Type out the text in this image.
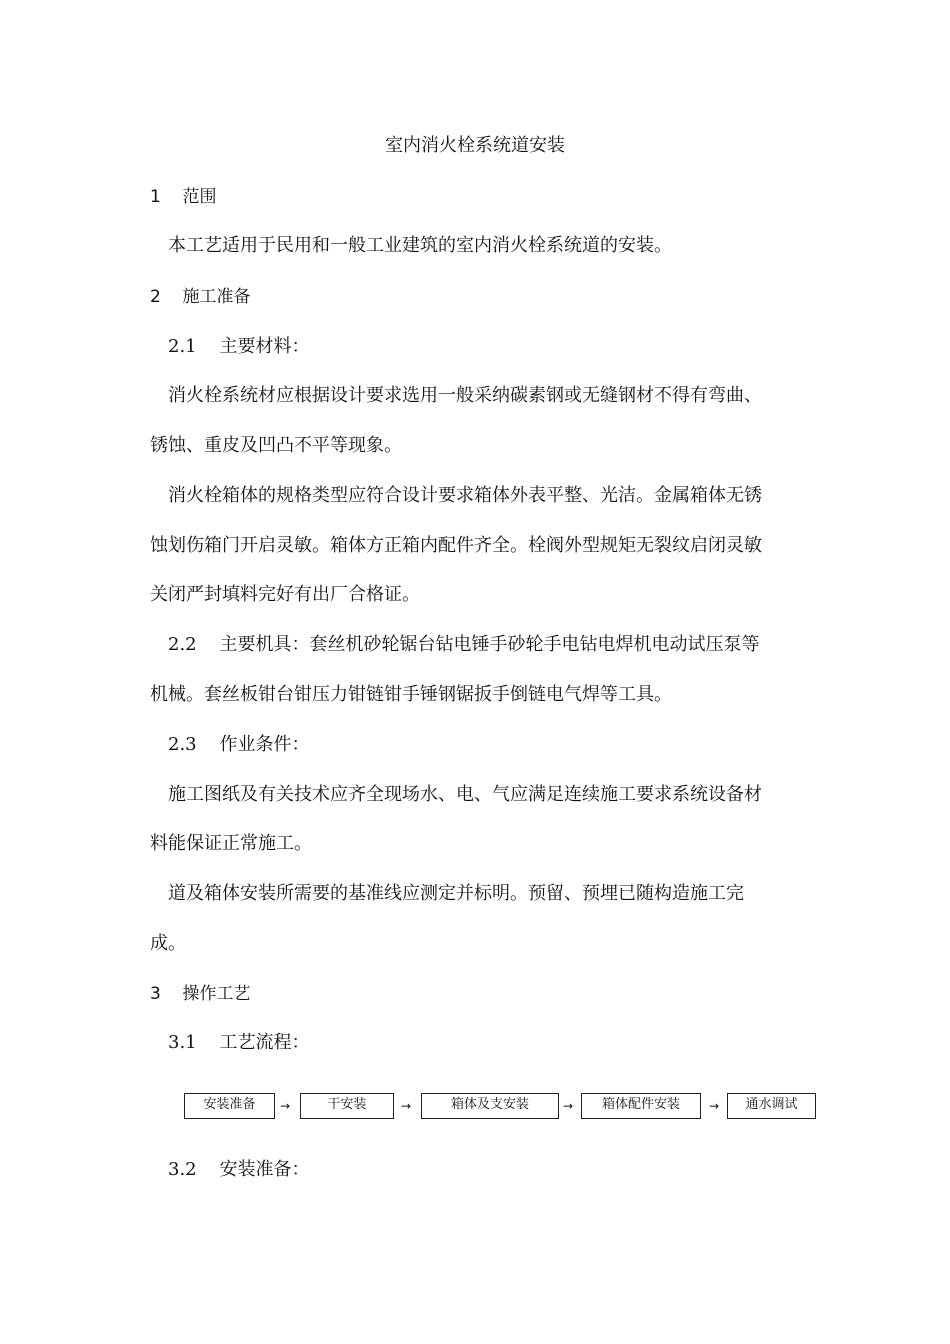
室内消火栓系统道安装
1 范围
本工艺适用于民用和一般工业建筑的室内消火栓系统道的安装。
2 施工准备
2.1 主要材料：
消火栓系统材应根据设计要求选用一般采纳碳素钢或无缝钢材不得有弯曲、
锈蚀、重皮及凹凸不平等现象。
消火栓箱体的规格类型应符合设计要求箱体外表平整、光洁。金属箱体无锈
蚀划伤箱门开启灵敏。箱体方正箱内配件齐全。栓阀外型规矩无裂纹启闭灵敏
关闭严封填料完好有出厂合格证。
2.2 主要机具：套丝机砂轮锯台钻电锤手砂轮手电钻电焊机电动试压泵等
机械。套丝板钳台钳压力钳链钳手锤钢锯扳手倒链电气焊等工具。
2.3 作业条件：
施工图纸及有关技术应齐全现场水、电、气应满足连续施工要求系统设备材
料能保证正常施工。
道及箱体安装所需要的基准线应测定并标明。预留、预埋已随构造施工完
成。
3 操作工艺
3.1 工艺流程：
安装准备	→	干安装	→	箱体及支安装	→	箱体配件安装	→	通水调试
3.2 安装准备：
